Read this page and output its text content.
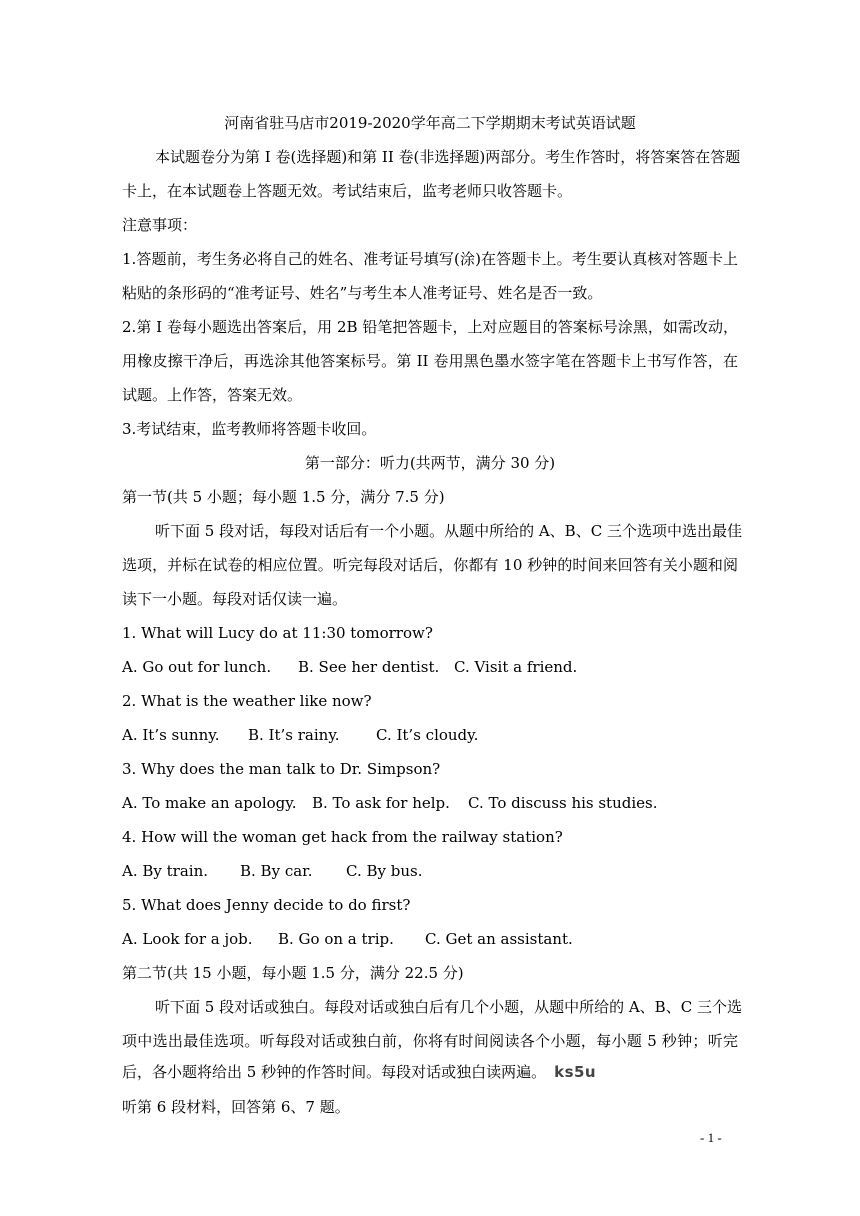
河南省驻马店市2019-2020学年高二下学期期末考试英语试题
本试题卷分为第 I 卷(选择题)和第 II 卷(非选择题)两部分。考生作答时，将答案答在答题
卡上，在本试题卷上答题无效。考试结束后，监考老师只收答题卡。
注意事项：
1.答题前，考生务必将自己的姓名、准考证号填写(涂)在答题卡上。考生要认真核对答题卡上
粘贴的条形码的“准考证号、姓名”与考生本人准考证号、姓名是否一致。
2.第 I 卷每小题选出答案后，用 2B 铅笔把答题卡，上对应题目的答案标号涂黑，如需改动，
用橡皮擦干净后，再选涂其他答案标号。第 II 卷用黑色墨水签字笔在答题卡上书写作答，在
试题。上作答，答案无效。
3.考试结束，监考教师将答题卡收回。
第一部分：听力(共两节，满分 30 分)
第一节(共 5 小题；每小题 1.5 分，满分 7.5 分)
听下面 5 段对话，每段对话后有一个小题。从题中所给的 A、B、C 三个选项中选出最佳
选项，并标在试卷的相应位置。听完每段对话后，你都有 10 秒钟的时间来回答有关小题和阅
读下一小题。每段对话仅读一遍。
1. What will Lucy do at 11:30 tomorrow?
A. Go out for lunch. B. See her dentist. C. Visit a friend.
2. What is the weather like now?
A. It’s sunny. B. It’s rainy. C. It’s cloudy.
3. Why does the man talk to Dr. Simpson?
A. To make an apology. B. To ask for help. C. To discuss his studies.
4. How will the woman get hack from the railway station?
A. By train. B. By car. C. By bus.
5. What does Jenny decide to do first?
A. Look for a job. B. Go on a trip. C. Get an assistant.
第二节(共 15 小题，每小题 1.5 分，满分 22.5 分)
听下面 5 段对话或独白。每段对话或独白后有几个小题，从题中所给的 A、B、C 三个选
项中选出最佳选项。听每段对话或独白前，你将有时间阅读各个小题，每小题 5 秒钟；听完
后，各小题将给出 5 秒钟的作答时间。每段对话或独白读两遍。 ks5u
听第 6 段材料，回答第 6、7 题。
- 1 -
